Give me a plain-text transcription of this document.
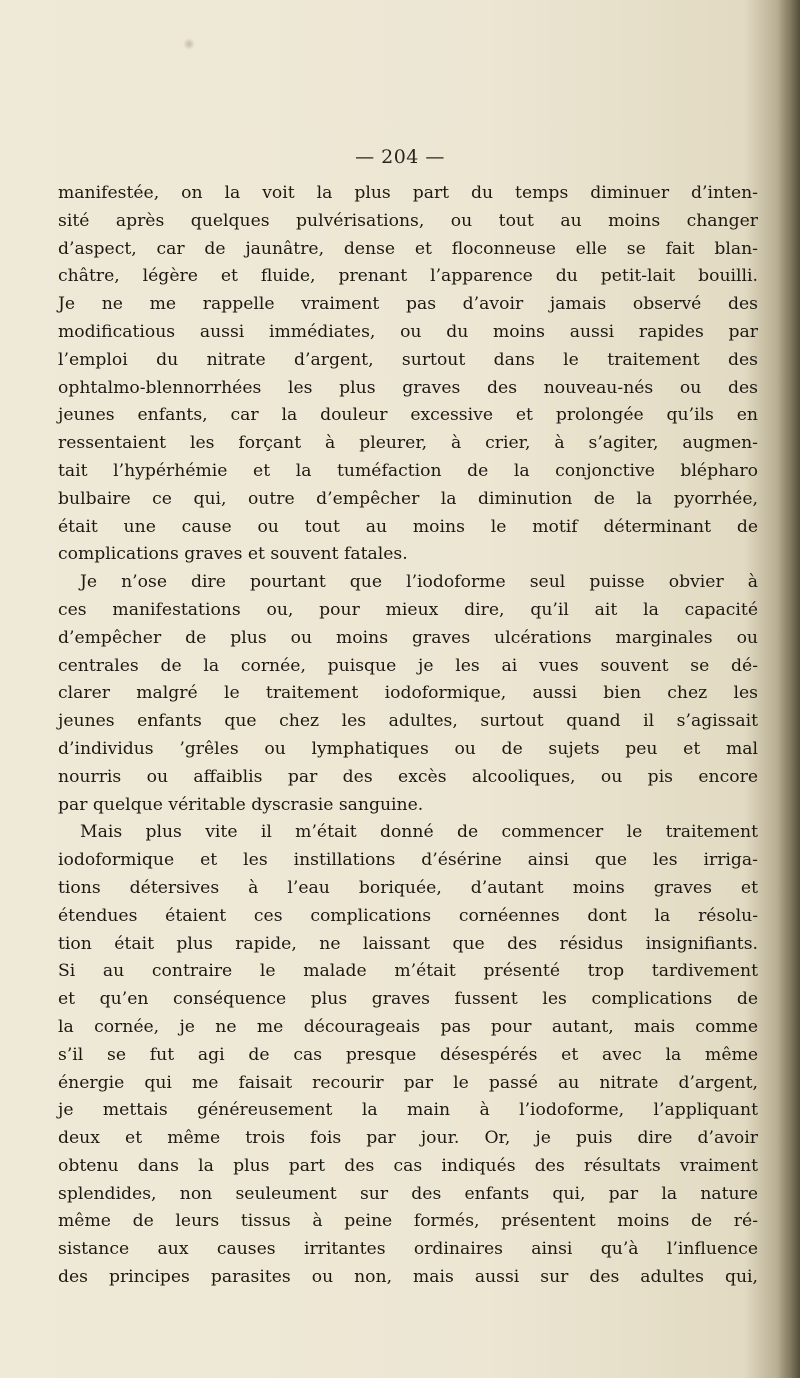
— 204 —
manifestée, on la voit la plus part du temps diminuer d’inten-
sité après quelques pulvérisations, ou tout au moins changer
d’aspect, car de jaunâtre, dense et floconneuse elle se fait blan-
châtre, légère et fluide, prenant l’apparence du petit-lait bouilli.
Je ne me rappelle vraiment pas d’avoir jamais observé des
modificatious aussi immédiates, ou du moins aussi rapides par
l’emploi du nitrate d’argent, surtout dans le traitement des
ophtalmo-blennorrhées les plus graves des nouveau-nés ou des
jeunes enfants, car la douleur excessive et prolongée qu’ils en
ressentaient les forçant à pleurer, à crier, à s’agiter, augmen-
tait l’hypérhémie et la tuméfaction de la conjonctive blépharo
bulbaire ce qui, outre d’empêcher la diminution de la pyorrhée,
était une cause ou tout au moins le motif déterminant de
complications graves et souvent fatales.
Je n’ose dire pourtant que l’iodoforme seul puisse obvier à
ces manifestations ou, pour mieux dire, qu’il ait la capacité
d’empêcher de plus ou moins graves ulcérations marginales ou
centrales de la cornée, puisque je les ai vues souvent se dé-
clarer malgré le traitement iodoformique, aussi bien chez les
jeunes enfants que chez les adultes, surtout quand il s’agissait
d’individus ’grêles ou lymphatiques ou de sujets peu et mal
nourris ou affaiblis par des excès alcooliques, ou pis encore
par quelque véritable dyscrasie sanguine.
Mais plus vite il m’était donné de commencer le traitement
iodoformique et les instillations d’ésérine ainsi que les irriga-
tions détersives à l’eau boriquée, d’autant moins graves et
étendues étaient ces complications cornéennes dont la résolu-
tion était plus rapide, ne laissant que des résidus insignifiants.
Si au contraire le malade m’était présenté trop tardivement
et qu’en conséquence plus graves fussent les complications de
la cornée, je ne me décourageais pas pour autant, mais comme
s’il se fut agi de cas presque désespérés et avec la même
énergie qui me faisait recourir par le passé au nitrate d’argent,
je mettais généreusement la main à l’iodoforme, l’appliquant
deux et même trois fois par jour. Or, je puis dire d’avoir
obtenu dans la plus part des cas indiqués des résultats vraiment
splendides, non seuleument sur des enfants qui, par la nature
même de leurs tissus à peine formés, présentent moins de ré-
sistance aux causes irritantes ordinaires ainsi qu’à l’influence
des principes parasites ou non, mais aussi sur des adultes qui,
